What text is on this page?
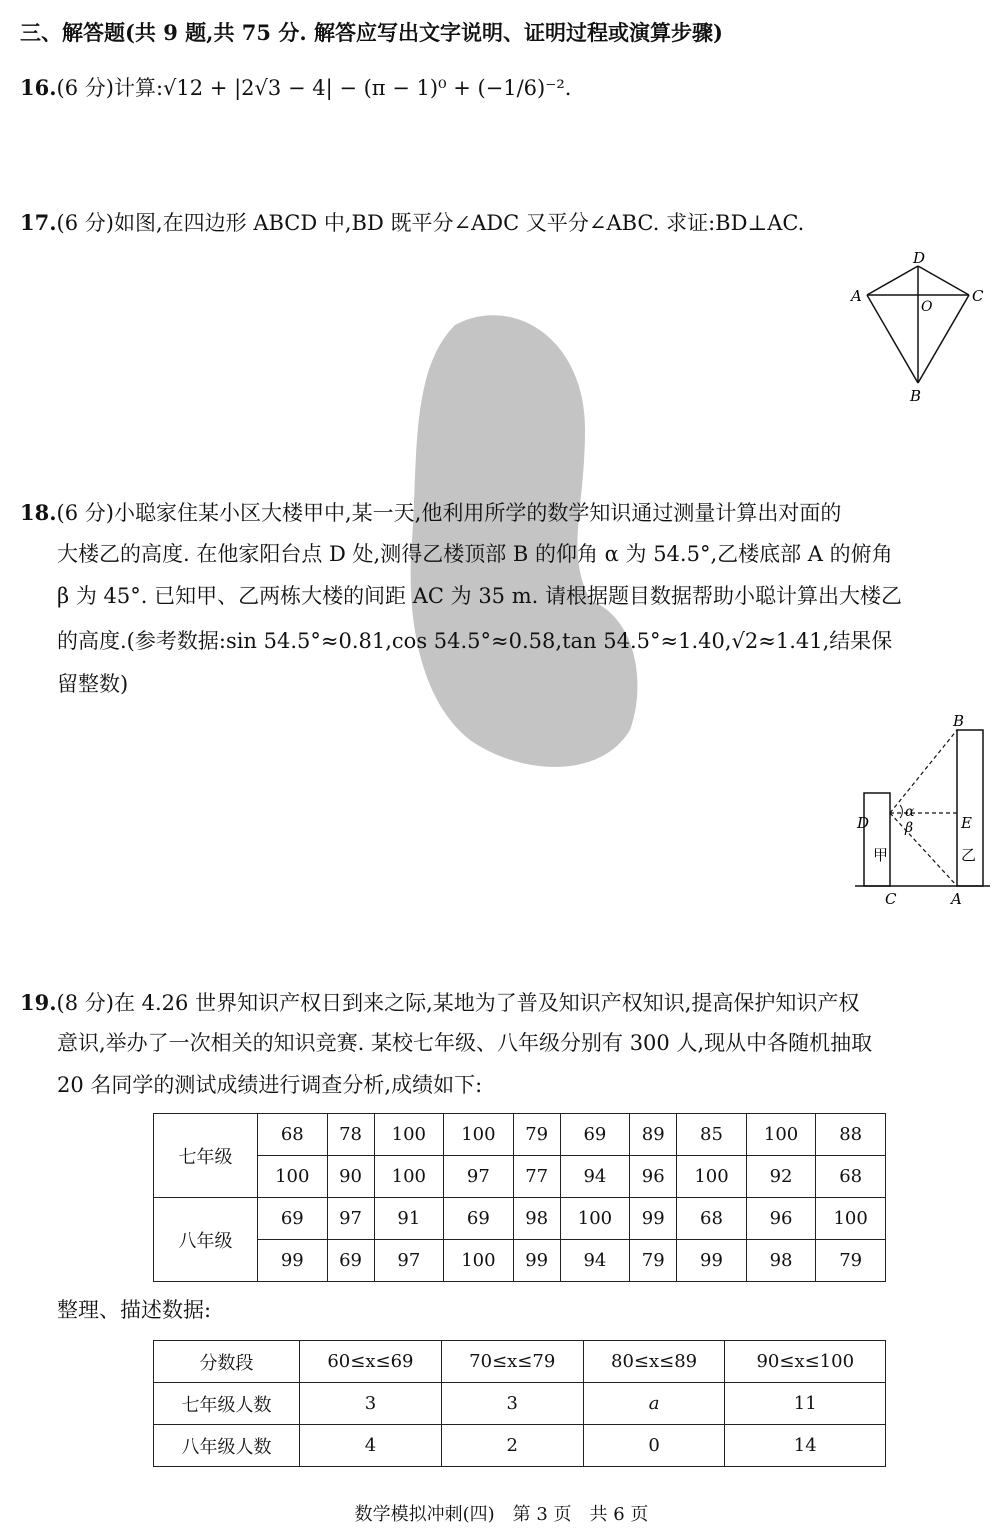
三、解答题(共 9 题,共 75 分. 解答应写出文字说明、证明过程或演算步骤)
16.(6 分)计算:√12 + |2√3 − 4| − (π − 1)⁰ + (−1/6)⁻².
17.(6 分)如图,在四边形 ABCD 中,BD 既平分∠ADC 又平分∠ABC. 求证:BD⊥AC.
D
A	C
O
B
18.(6 分)小聪家住某小区大楼甲中,某一天,他利用所学的数学知识通过测量计算出对面的
大楼乙的高度. 在他家阳台点 D 处,测得乙楼顶部 B 的仰角 α 为 54.5°,乙楼底部 A 的俯角
β 为 45°. 已知甲、乙两栋大楼的间距 AC 为 35 m. 请根据题目数据帮助小聪计算出大楼乙
的高度.(参考数据:sin 54.5°≈0.81,cos 54.5°≈0.58,tan 54.5°≈1.40,√2≈1.41,结果保
留整数)
D
甲
α
β
B
E
乙
C	A
19.(8 分)在 4.26 世界知识产权日到来之际,某地为了普及知识产权知识,提高保护知识产权
意识,举办了一次相关的知识竞赛. 某校七年级、八年级分别有 300 人,现从中各随机抽取
20 名同学的测试成绩进行调查分析,成绩如下:
七年级	68	78	100	100	79	69	89	85	100	88
	100	90	100	97	77	94	96	100	92	68
八年级	69	97	91	69	98	100	99	68	96	100
	99	69	97	100	99	94	79	99	98	79
整理、描述数据:
分数段	60≤x≤69	70≤x≤79	80≤x≤89	90≤x≤100
七年级人数	3	3	a	11
八年级人数	4	2	0	14
数学模拟冲刺(四)　第 3 页　共 6 页
